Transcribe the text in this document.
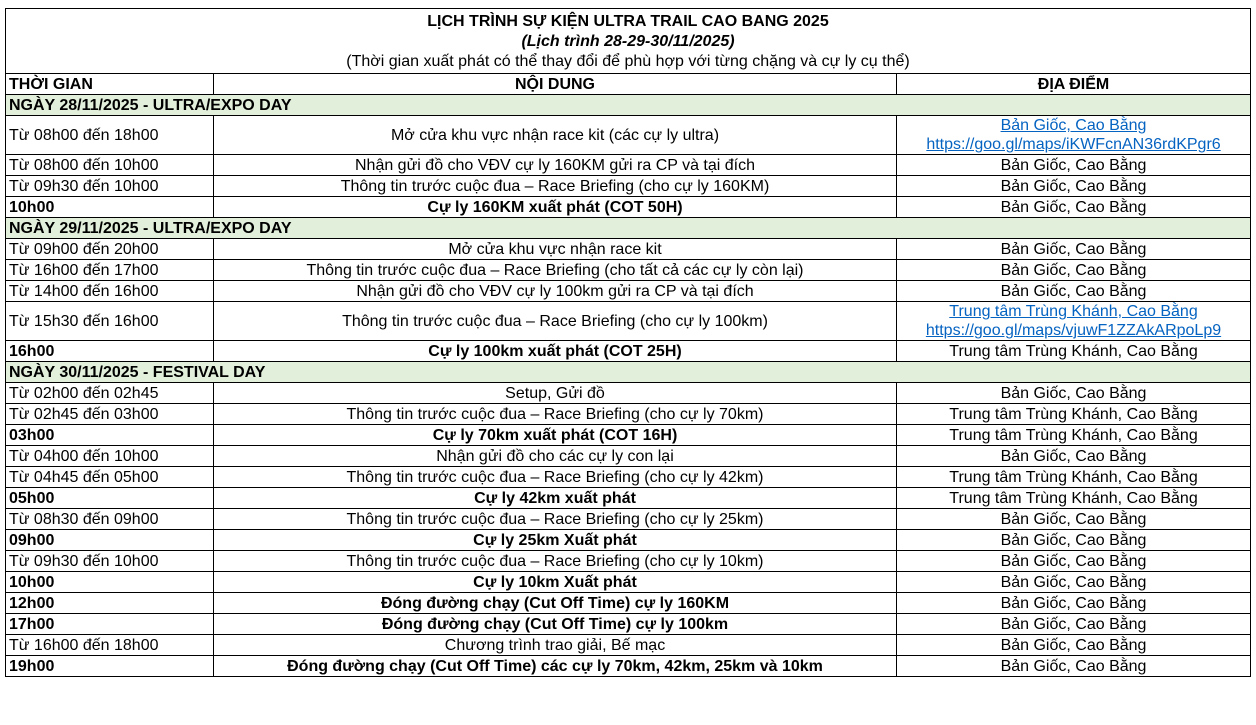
LỊCH TRÌNH SỰ KIỆN ULTRA TRAIL CAO BANG 2025
(Lịch trình 28-29-30/11/2025)
(Thời gian xuất phát có thể thay đổi để phù hợp với từng chặng và cự ly cụ thể)		

THỜI GIAN	NỘI DUNG	ĐỊA ĐIỂM
NGÀY 28/11/2025 - ULTRA/EXPO DAY		
Từ 08h00 đến 18h00	Mở cửa khu vực nhận race kit (các cự ly ultra)	Bản Giốc, Cao Bằng
https://goo.gl/maps/iKWFcnAN36rdKPgr6

Từ 08h00 đến 10h00	Nhận gửi đồ cho VĐV cự ly 160KM gửi ra CP và tại đích	Bản Giốc, Cao Bằng
Từ 09h30 đến 10h00	Thông tin trước cuộc đua – Race Briefing (cho cự ly 160KM)	Bản Giốc, Cao Bằng
10h00	Cự ly 160KM xuất phát (COT 50H)	Bản Giốc, Cao Bằng
NGÀY 29/11/2025 - ULTRA/EXPO DAY		
Từ 09h00 đến 20h00	Mở cửa khu vực nhận race kit	Bản Giốc, Cao Bằng
Từ 16h00 đến 17h00	Thông tin trước cuộc đua – Race Briefing (cho tất cả các cự ly còn lại)	Bản Giốc, Cao Bằng
Từ 14h00 đến 16h00	Nhận gửi đồ cho VĐV cự ly 100km gửi ra CP và tại đích	Bản Giốc, Cao Bằng
Từ 15h30 đến 16h00	Thông tin trước cuộc đua – Race Briefing (cho cự ly 100km)	Trung tâm Trùng Khánh, Cao Bằng
https://goo.gl/maps/vjuwF1ZZAkARpoLp9

16h00	Cự ly 100km xuất phát (COT 25H)	Trung tâm Trùng Khánh, Cao Bằng
NGÀY 30/11/2025 - FESTIVAL DAY		
Từ 02h00 đến 02h45	Setup, Gửi đồ	Bản Giốc, Cao Bằng
Từ 02h45 đến 03h00	Thông tin trước cuộc đua – Race Briefing (cho cự ly 70km)	Trung tâm Trùng Khánh, Cao Bằng
03h00	Cự ly 70km xuất phát (COT 16H)	Trung tâm Trùng Khánh, Cao Bằng
Từ 04h00 đến 10h00	Nhận gửi đồ cho các cự ly con lại	Bản Giốc, Cao Bằng
Từ 04h45 đến 05h00	Thông tin trước cuộc đua – Race Briefing (cho cự ly 42km)	Trung tâm Trùng Khánh, Cao Bằng
05h00	Cự ly 42km xuất phát	Trung tâm Trùng Khánh, Cao Bằng
Từ 08h30 đến 09h00	Thông tin trước cuộc đua – Race Briefing (cho cự ly 25km)	Bản Giốc, Cao Bằng
09h00	Cự ly 25km Xuất phát	Bản Giốc, Cao Bằng
Từ 09h30 đến 10h00	Thông tin trước cuộc đua – Race Briefing (cho cự ly 10km)	Bản Giốc, Cao Bằng
10h00	Cự ly 10km Xuất phát	Bản Giốc, Cao Bằng
12h00	Đóng đường chạy (Cut Off Time) cự ly 160KM	Bản Giốc, Cao Bằng
17h00	Đóng đường chạy (Cut Off Time) cự ly 100km	Bản Giốc, Cao Bằng
Từ 16h00 đến 18h00	Chương trình trao giải, Bế mạc	Bản Giốc, Cao Bằng
19h00	Đóng đường chạy (Cut Off Time) các cự ly 70km, 42km, 25km và 10km	Bản Giốc, Cao Bằng
